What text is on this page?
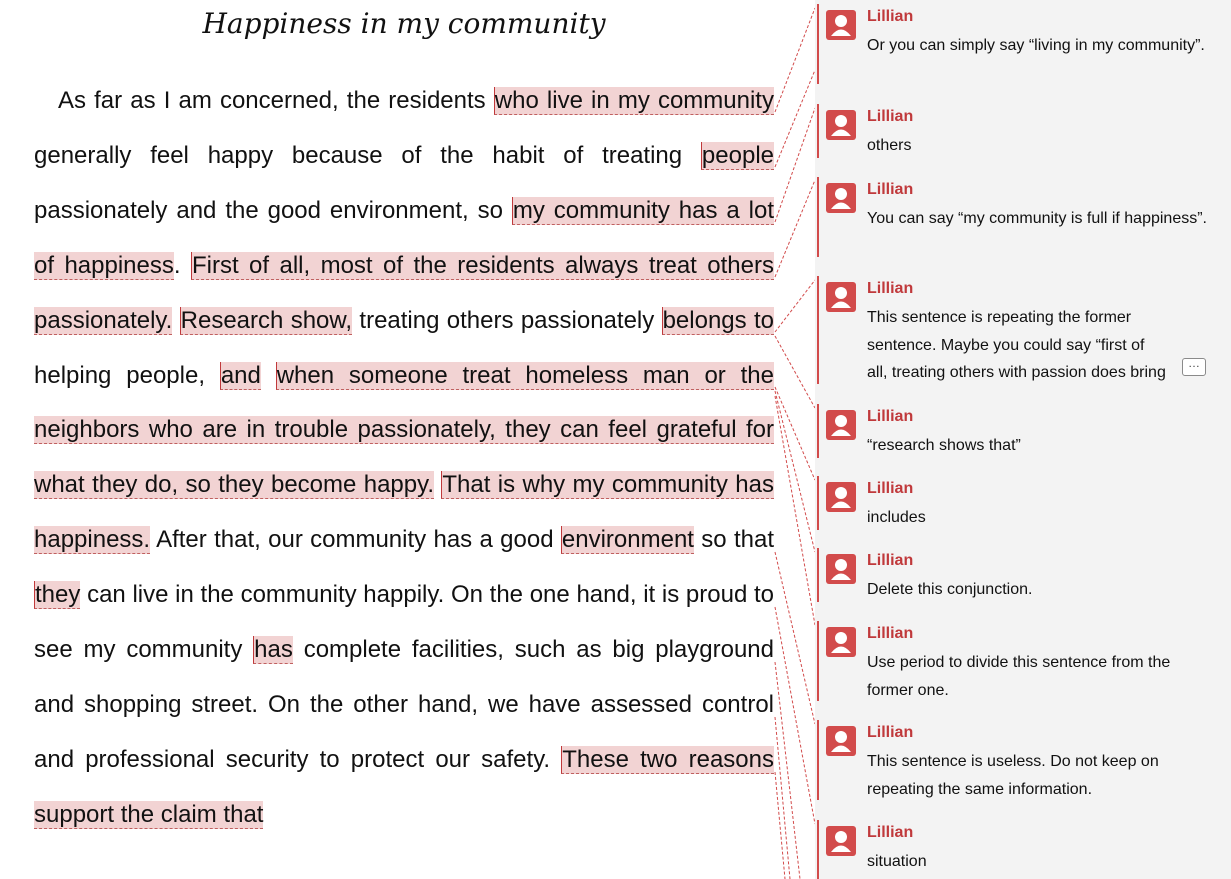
Happiness in my community

As far as I am concerned, the residents who live in my community generally feel happy because of the habit of treating people passionately and the good environment, so my community has a lot of happiness. First of all, most of the residents always treat others passionately. Research show, treating others passionately belongs to helping people, and when someone treat homeless man or the neighbors who are in trouble passionately, they can feel grateful for what they do, so they become happy. That is why my community has happiness. After that, our community has a good environment so that they can live in the community happily. On the one hand, it is proud to see my community has complete facilities, such as big playground and shopping street. On the other hand, we have assessed control and professional security to protect our safety. These two reasons support the claim that

Lillian
Or you can simply say “living in my community”.
Lillian
others
Lillian
You can say “my community is full if happiness”.
Lillian
This sentence is repeating the former sentence. Maybe you could say “first of all, treating others with passion does bring
…
Lillian
“research shows that”
Lillian
includes
Lillian
Delete this conjunction.
Lillian
Use period to divide this sentence from the former one.
Lillian
This sentence is useless. Do not keep on repeating the same information.
Lillian
situation
